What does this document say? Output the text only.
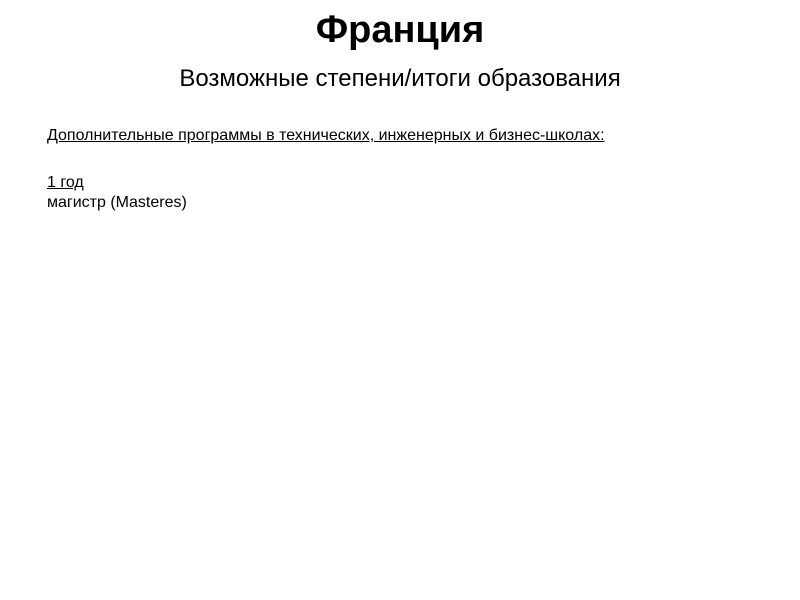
Франция
Возможные степени/итоги образования
Дополнительные программы в технических, инженерных и бизнес-школах:
1 год
магистр (Masteres)
